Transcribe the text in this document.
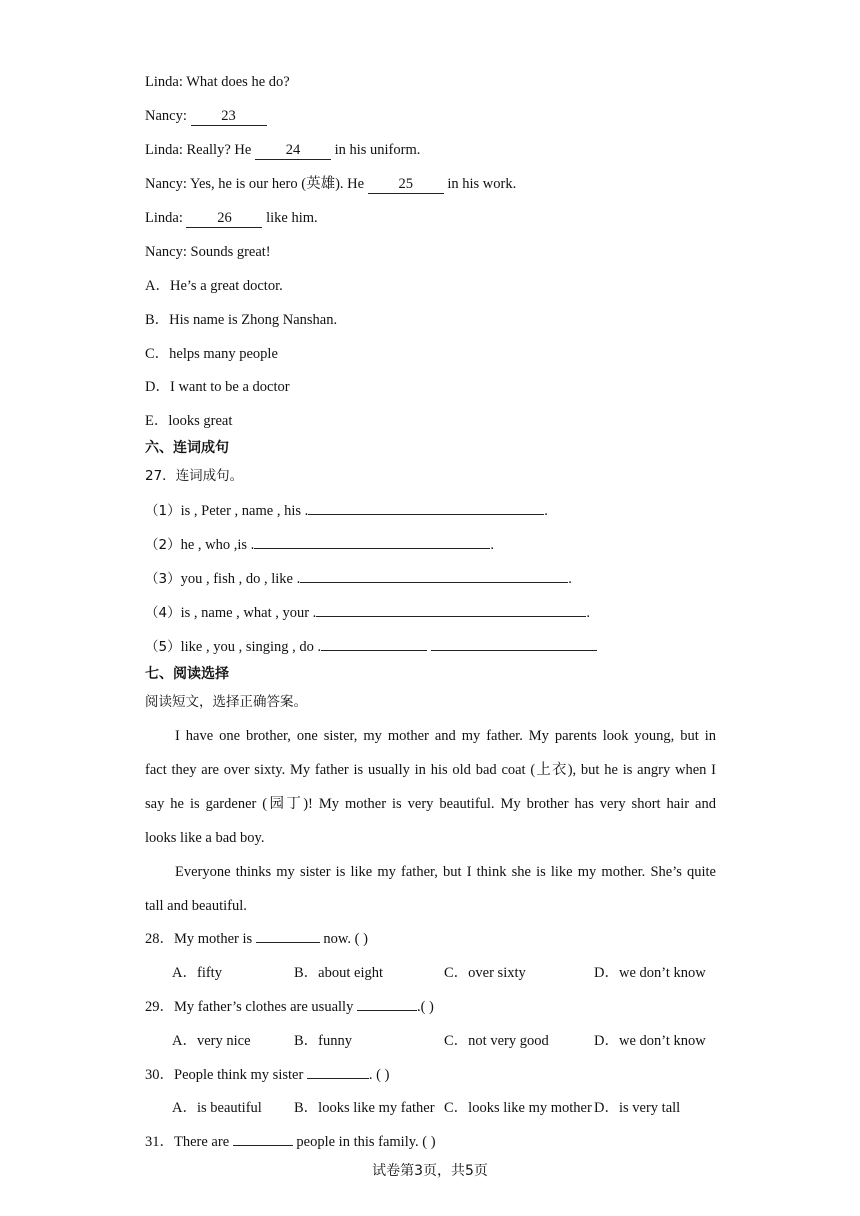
Linda: What does he do?
Nancy: 23
Linda: Really? He 24 in his uniform.
Nancy: Yes, he is our hero (英雄). He 25 in his work.
Linda: 26 like him.
Nancy: Sounds great!
A．He’s a great doctor.
B．His name is Zhong Nanshan.
C．helps many people
D．I want to be a doctor
E．looks great
六、连词成句
27．连词成句。
（1）is , Peter , name , his .	.
（2）he , who ,is .	.
（3）you , fish , do , like .	.
（4）is , name , what , your .	.
（5）like , you , singing , do .
七、阅读选择
阅读短文，选择正确答案。
I have one brother, one sister, my mother and my father. My parents look young, but in
fact they are over sixty. My father is usually in his old bad coat (上衣), but he is angry when I
say he is gardener (园丁)! My mother is very beautiful. My brother has very short hair and
looks like a bad boy.
Everyone thinks my sister is like my father, but I think she is like my mother. She’s quite
tall and beautiful.
28．My mother is	now. ( )
A．fifty	B．about eight	C．over sixty	D．we don’t know
29．My father’s clothes are usually	.( )
A．very nice	B．funny	C．not very good	D．we don’t know
30．People think my sister	. ( )
A．is beautiful B．looks like my father C．looks like my mother D．is very tall
31．There are	people in this family. ( )
试卷第3页，共5页
